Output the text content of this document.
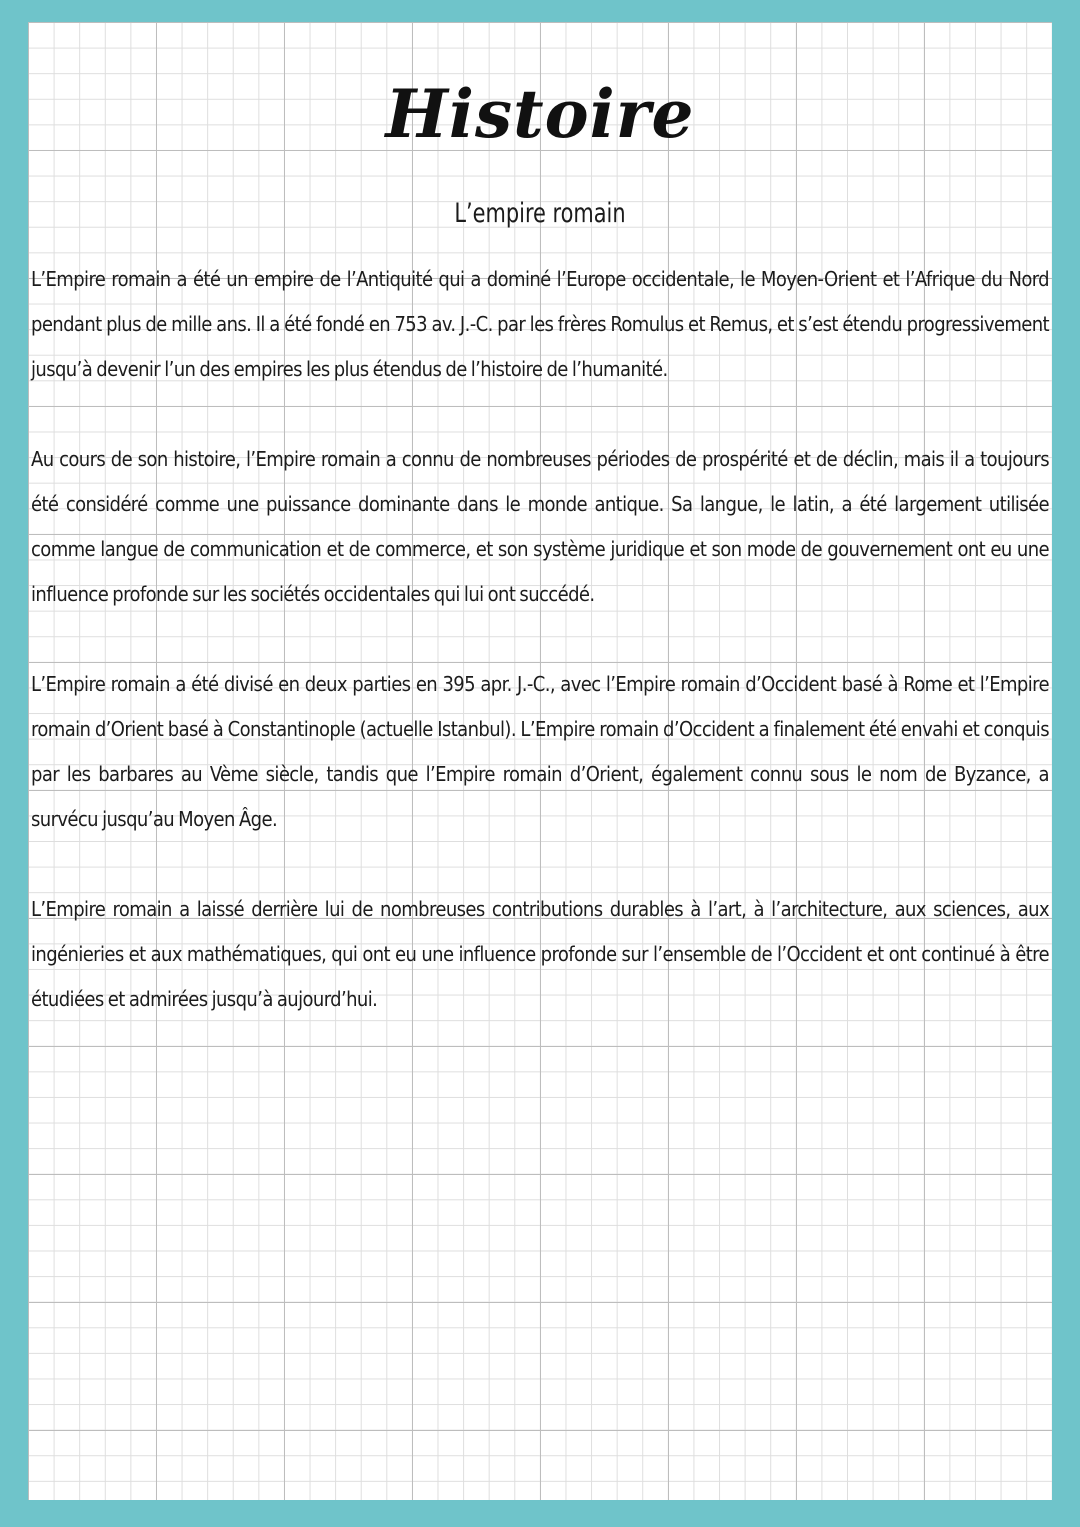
Histoire
L’empire romain

L’Empire romain a été un empire de l’Antiquité qui a dominé l’Europe occidentale, le Moyen-Orient et l’Afrique du Nord pendant plus de mille ans. Il a été fondé en 753 av. J.-C. par les frères Romulus et Remus, et s’est étendu progressivement jusqu’à devenir l’un des empires les plus étendus de l’histoire de l’humanité.

Au cours de son histoire, l’Empire romain a connu de nombreuses périodes de prospérité et de déclin, mais il a toujours été considéré comme une puissance dominante dans le monde antique. Sa langue, le latin, a été largement utilisée comme langue de communication et de commerce, et son système juridique et son mode de gouvernement ont eu une influence profonde sur les sociétés occidentales qui lui ont succédé.

L’Empire romain a été divisé en deux parties en 395 apr. J.-C., avec l’Empire romain d’Occident basé à Rome et l’Empire romain d’Orient basé à Constantinople (actuelle Istanbul). L’Empire romain d’Occident a finalement été envahi et conquis par les barbares au Vème siècle, tandis que l’Empire romain d’Orient, également connu sous le nom de Byzance, a survécu jusqu’au Moyen Âge.

L’Empire romain a laissé derrière lui de nombreuses contributions durables à l’art, à l’architecture, aux sciences, aux ingénieries et aux mathématiques, qui ont eu une influence profonde sur l’ensemble de l’Occident et ont continué à être étudiées et admirées jusqu’à aujourd’hui.
